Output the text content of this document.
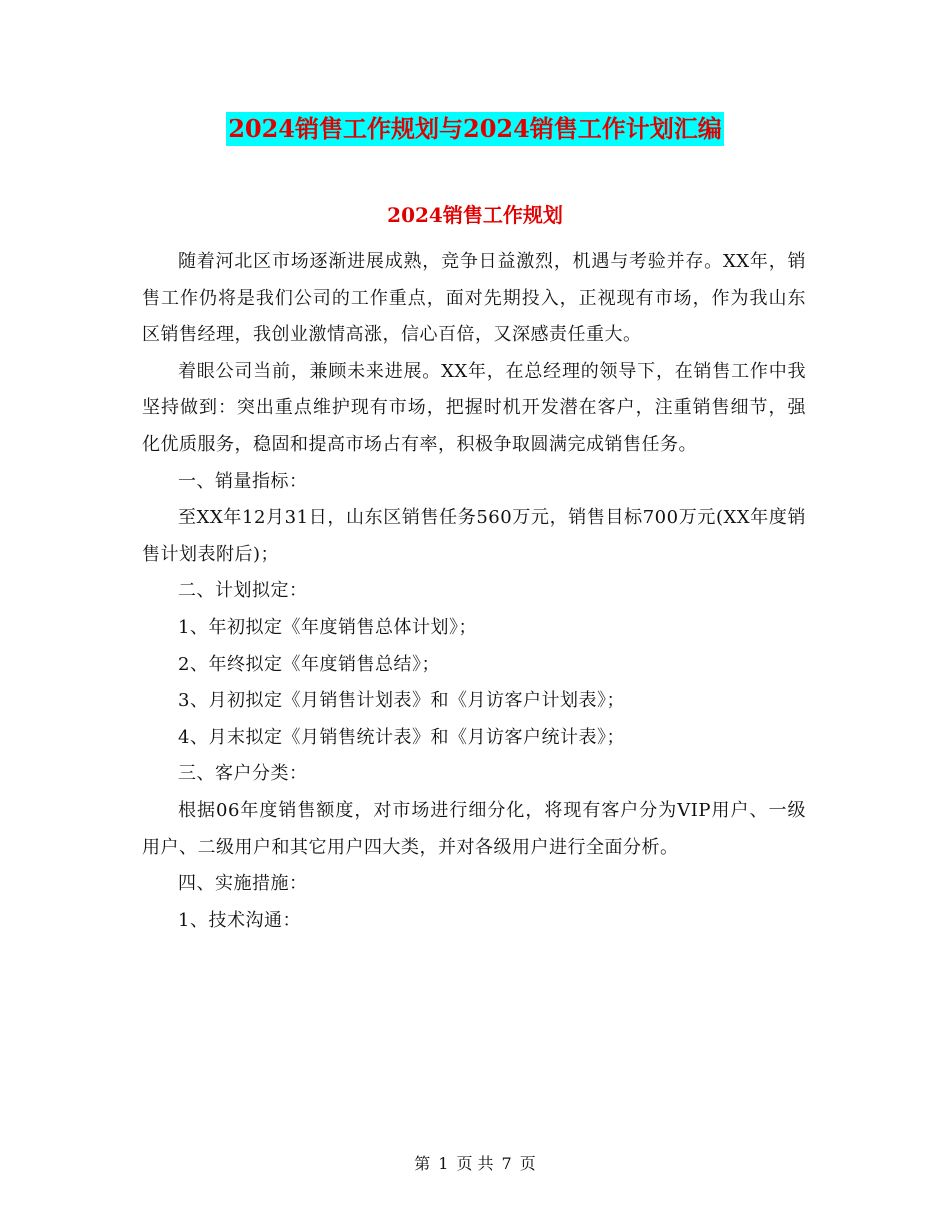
2024销售工作规划与2024销售工作计划汇编
2024销售工作规划

随着河北区市场逐渐进展成熟，竞争日益激烈，机遇与考验并存。XX年，销售工作仍将是我们公司的工作重点，面对先期投入，正视现有市场，作为我山东区销售经理，我创业激情高涨，信心百倍，又深感责任重大。

着眼公司当前，兼顾未来进展。XX年，在总经理的领导下，在销售工作中我坚持做到：突出重点维护现有市场，把握时机开发潜在客户，注重销售细节，强化优质服务，稳固和提高市场占有率，积极争取圆满完成销售任务。

一、销量指标：

至XX年12月31日，山东区销售任务560万元，销售目标700万元(XX年度销售计划表附后)；

二、计划拟定：

1、年初拟定《年度销售总体计划》；

2、年终拟定《年度销售总结》；

3、月初拟定《月销售计划表》和《月访客户计划表》；

4、月末拟定《月销售统计表》和《月访客户统计表》；

三、客户分类：

根据06年度销售额度，对市场进行细分化，将现有客户分为VIP用户、一级用户、二级用户和其它用户四大类，并对各级用户进行全面分析。

四、实施措施：

1、技术沟通：

第 1 页 共 7 页
